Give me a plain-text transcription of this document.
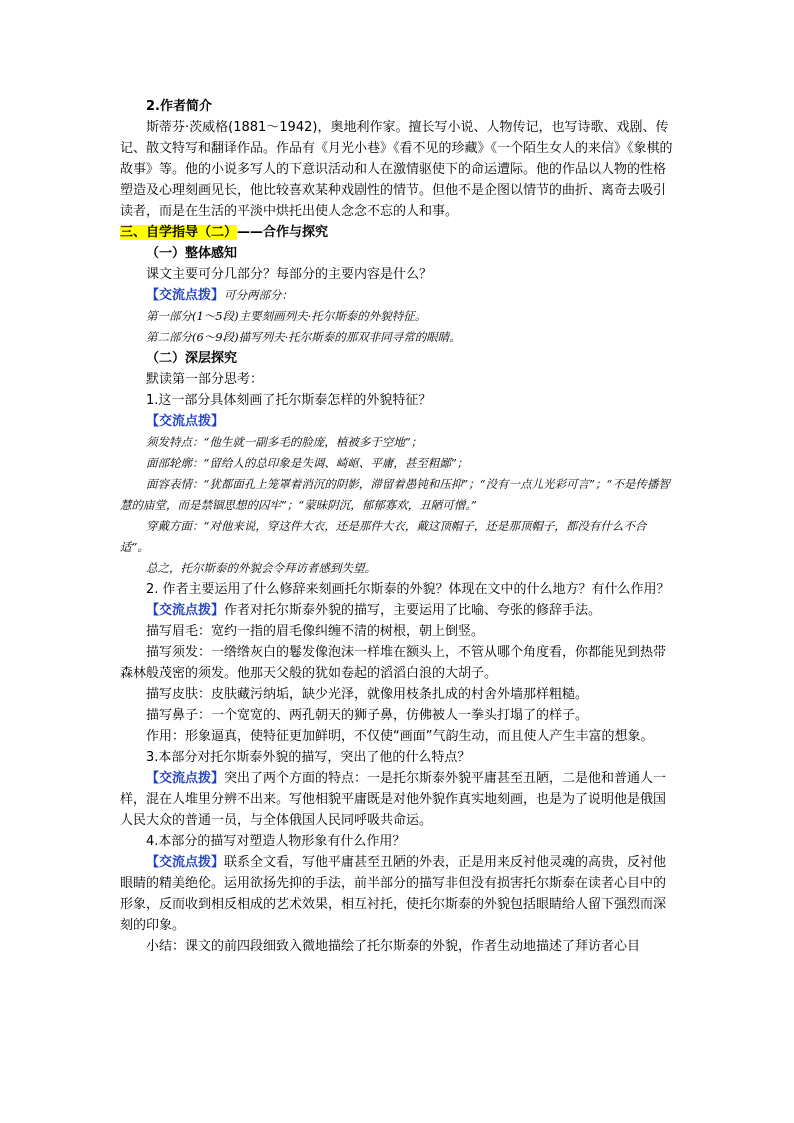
2.作者简介

斯蒂芬·茨威格(1881～1942)，奥地利作家。擅长写小说、人物传记，也写诗歌、戏剧、传记、散文特写和翻译作品。作品有《月光小巷》《看不见的珍藏》《一个陌生女人的来信》《象棋的故事》等。他的小说多写人的下意识活动和人在激情驱使下的命运遭际。他的作品以人物的性格塑造及心理刻画见长，他比较喜欢某种戏剧性的情节。但他不是企图以情节的曲折、离奇去吸引读者，而是在生活的平淡中烘托出使人念念不忘的人和事。

三、自学指导（二）——合作与探究

（一）整体感知

课文主要可分几部分？每部分的主要内容是什么？

【交流点拨】可分两部分：

第一部分(1～5段)主要刻画列夫·托尔斯泰的外貌特征。

第二部分(6～9段)描写列夫·托尔斯泰的那双非同寻常的眼睛。

（二）深层探究

默读第一部分思考：

1.这一部分具体刻画了托尔斯泰怎样的外貌特征？

【交流点拨】

须发特点：“他生就一副多毛的脸庞，植被多于空地”；

面部轮廓：“留给人的总印象是失调、崎岖、平庸，甚至粗鄙”；

面容表情：“犹都面孔上笼罩着消沉的阴影，滞留着愚钝和压抑”；“没有一点儿光彩可言”；“不是传播智慧的庙堂，而是禁锢思想的囚牢”；“蒙昧阴沉，郁郁寡欢，丑陋可憎。”

穿戴方面：“对他来说，穿这件大衣，还是那件大衣，戴这顶帽子，还是那顶帽子，都没有什么不合适”。

总之，托尔斯泰的外貌会令拜访者感到失望。

2. 作者主要运用了什么修辞来刻画托尔斯泰的外貌？体现在文中的什么地方？有什么作用？

【交流点拨】作者对托尔斯泰外貌的描写，主要运用了比喻、夸张的修辞手法。

描写眉毛：宽约一指的眉毛像纠缠不清的树根，朝上倒竖。

描写须发：一绺绺灰白的鬈发像泡沫一样堆在额头上，不管从哪个角度看，你都能见到热带森林般茂密的须发。他那天父般的犹如卷起的滔滔白浪的大胡子。

描写皮肤：皮肤藏污纳垢，缺少光泽，就像用枝条扎成的村舍外墙那样粗糙。

描写鼻子：一个宽宽的、两孔朝天的狮子鼻，仿佛被人一拳头打塌了的样子。

作用：形象逼真，使特征更加鲜明，不仅使“画面”气韵生动，而且使人产生丰富的想象。

3.本部分对托尔斯泰外貌的描写，突出了他的什么特点？

【交流点拨】突出了两个方面的特点：一是托尔斯泰外貌平庸甚至丑陋，二是他和普通人一样，混在人堆里分辨不出来。写他相貌平庸既是对他外貌作真实地刻画，也是为了说明他是俄国人民大众的普通一员，与全体俄国人民同呼吸共命运。

4.本部分的描写对塑造人物形象有什么作用？

【交流点拨】联系全文看，写他平庸甚至丑陋的外表，正是用来反衬他灵魂的高贵，反衬他眼睛的精美绝伦。运用欲扬先抑的手法，前半部分的描写非但没有损害托尔斯泰在读者心目中的形象，反而收到相反相成的艺术效果，相互衬托，使托尔斯泰的外貌包括眼睛给人留下强烈而深刻的印象。

小结：课文的前四段细致入微地描绘了托尔斯泰的外貌，作者生动地描述了拜访者心目
